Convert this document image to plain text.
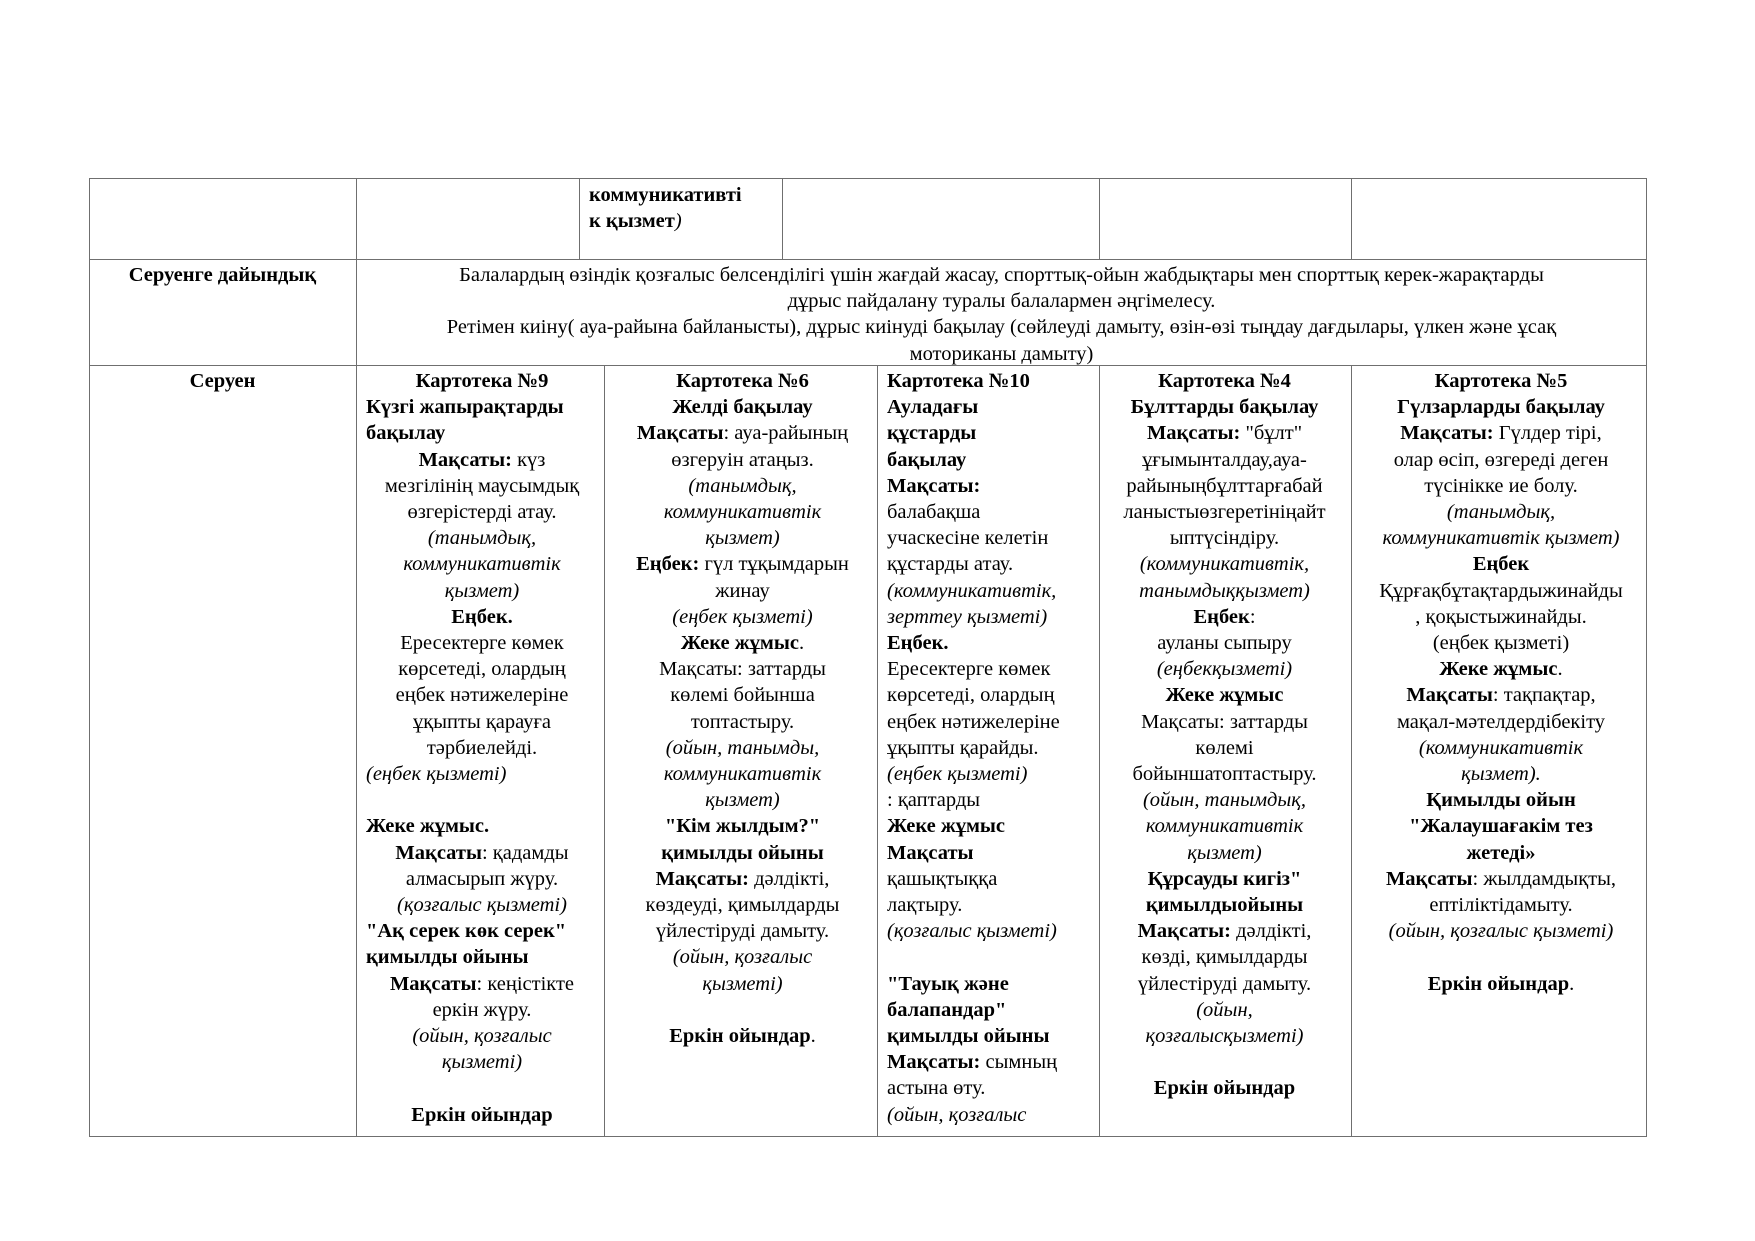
коммуникативті
к қызмет)
Серуенге дайындық	Балалардың өзіндік қозғалыс белсенділігі үшін жағдай жасау, спорттық-ойын жабдықтары мен спорттық керек-жарақтарды
дұрыс пайдалану туралы балалармен әңгімелесу.
Ретімен киіну( ауа-райына байланысты), дұрыс киінуді бақылау (сөйлеуді дамыту, өзін-өзі тыңдау дағдылары, үлкен және ұсақ
моториканы дамыту)
Серуен	Картотека №9
Күзгі жапырақтарды
бақылау
Мақсаты: күз
мезгілінің маусымдық
өзгерістерді атау.
(танымдық,
коммуникативтік
қызмет)
Еңбек.
Ересектерге көмек
көрсетеді, олардың
еңбек нәтижелеріне
ұқыпты қарауға
тәрбиелейді.
(еңбек қызметі)
Жеке жұмыс.
Мақсаты: қадамды
алмасырып жүру.
(қозғалыс қызметі)
"Ақ серек көк серек"
қимылды ойыны
Мақсаты: кеңістікте
еркін жүру.
(ойын, қозғалыс
қызметі)
Еркін ойындар
Картотека №6
Желді бақылау
Мақсаты: ауа-райының
өзгеруін атаңыз.
(танымдық,
коммуникативтік
қызмет)
Еңбек: гүл тұқымдарын
жинау
(еңбек қызметі)
Жеке жұмыс.
Мақсаты: заттарды
көлемі бойынша
топтастыру.
(ойын, танымды,
коммуникативтік
қызмет)
"Кім жылдым?"
қимылды ойыны
Мақсаты: дәлдікті,
көздеуді, қимылдарды
үйлестіруді дамыту.
(ойын, қозғалыс
қызметі)
Еркін ойындар.
Картотека №10
Ауладағы
құстарды
бақылау
Мақсаты:
балабақша
учаскесіне келетін
құстарды атау.
(коммуникативтік,
зерттеу қызметі)
Еңбек.
Ересектерге көмек
көрсетеді, олардың
еңбек нәтижелеріне
ұқыпты қарайды.
(еңбек қызметі)
: қаптарды
Жеке жұмыс
Мақсаты
қашықтыққа
лақтыру.
(қозғалыс қызметі)
"Тауық және
балапандар"
қимылды ойыны
Мақсаты: сымның
астына өту.
(ойын, қозғалыс
Картотека №4
Бұлттарды бақылау
Мақсаты: "бұлт"
ұғымынталдау,ауа-
райыныңбұлттарғабай
ланыстыөзгеретініңайт
ыптүсіндіру.
(коммуникативтік,
танымдыққызмет)
Еңбек:
ауланы сыпыру
(еңбекқызметі)
Жеке жұмыс
Мақсаты: заттарды
көлемі
бойыншатоптастыру.
(ойын, танымдық,
коммуникативтік
қызмет)
Құрсауды кигіз"
қимылдыойыны
Мақсаты: дәлдікті,
көзді, қимылдарды
үйлестіруді дамыту.
(ойын,
қозғалысқызметі)
Еркін ойындар
Картотека №5
Гүлзарларды бақылау
Мақсаты: Гүлдер тірі,
олар өсіп, өзгереді деген
түсінікке ие болу.
(танымдық,
коммуникативтік қызмет)
Еңбек
Құрғақбұтақтардыжинайды
, қоқыстыжинайды.
(еңбек қызметі)
Жеке жұмыс.
Мақсаты: тақпақтар,
мақал-мәтелдердібекіту
(коммуникативтік
қызмет).
Қимылды ойын
"Жалаушағакім тез
жетеді»
Мақсаты: жылдамдықты,
ептіліктідамыту.
(ойын, қозғалыс қызметі)
Еркін ойындар.
